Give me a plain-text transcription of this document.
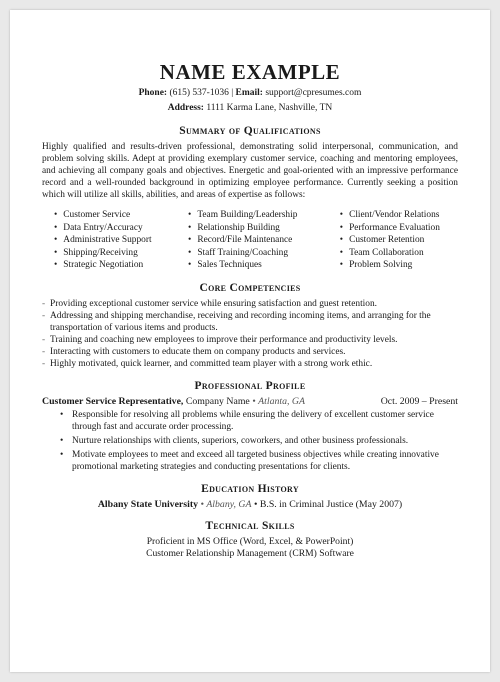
NAME EXAMPLE
Phone: (615) 537-1036 | Email: support@cpresumes.com
Address: 1111 Karma Lane, Nashville, TN
Summary of Qualifications
Highly qualified and results-driven professional, demonstrating solid interpersonal, communication, and problem solving skills. Adept at providing exemplary customer service, coaching and mentoring employees, and achieving all company goals and objectives. Energetic and goal-oriented with an impressive performance record and a well-rounded background in optimizing employee performance. Currently seeking a position which will utilize all skills, abilities, and areas of expertise as follows:
• Customer Service
• Data Entry/Accuracy
• Administrative Support
• Shipping/Receiving
• Strategic Negotiation
• Team Building/Leadership
• Relationship Building
• Record/File Maintenance
• Staff Training/Coaching
• Sales Techniques
• Client/Vendor Relations
• Performance Evaluation
• Customer Retention
• Team Collaboration
• Problem Solving
Core Competencies
- Providing exceptional customer service while ensuring satisfaction and guest retention.
- Addressing and shipping merchandise, receiving and recording incoming items, and arranging for the transportation of various items and products.
- Training and coaching new employees to improve their performance and productivity levels.
- Interacting with customers to educate them on company products and services.
- Highly motivated, quick learner, and committed team player with a strong work ethic.
Professional Profile
Customer Service Representative, Company Name • Atlanta, GA	Oct. 2009 – Present
• Responsible for resolving all problems while ensuring the delivery of excellent customer service through fast and accurate order processing.
• Nurture relationships with clients, superiors, coworkers, and other business professionals.
• Motivate employees to meet and exceed all targeted business objectives while creating innovative promotional marketing strategies and conducting presentations for clients.
Education History
Albany State University • Albany, GA • B.S. in Criminal Justice (May 2007)
Technical Skills
Proficient in MS Office (Word, Excel, & PowerPoint)
Customer Relationship Management (CRM) Software
